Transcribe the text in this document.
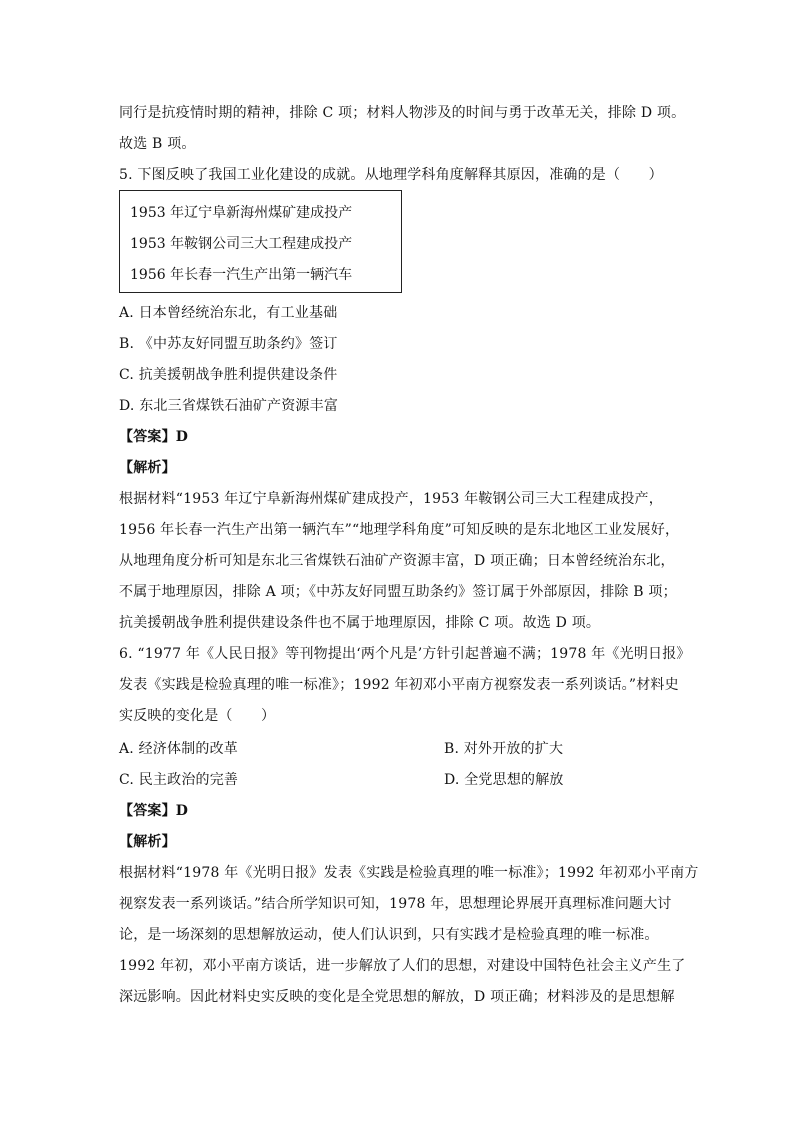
同行是抗疫情时期的精神，排除 C 项；材料人物涉及的时间与勇于改革无关，排除 D 项。
故选 B 项。
5. 下图反映了我国工业化建设的成就。从地理学科角度解释其原因，准确的是（　　）
1953 年辽宁阜新海州煤矿建成投产
1953 年鞍钢公司三大工程建成投产
1956 年长春一汽生产出第一辆汽车
A. 日本曾经统治东北，有工业基础
B. 《中苏友好同盟互助条约》签订
C. 抗美援朝战争胜利提供建设条件
D. 东北三省煤铁石油矿产资源丰富
【答案】D
【解析】
根据材料“1953 年辽宁阜新海州煤矿建成投产，1953 年鞍钢公司三大工程建成投产，
1956 年长春一汽生产出第一辆汽车”“地理学科角度”可知反映的是东北地区工业发展好，
从地理角度分析可知是东北三省煤铁石油矿产资源丰富，D 项正确；日本曾经统治东北，
不属于地理原因，排除 A 项；《中苏友好同盟互助条约》签订属于外部原因，排除 B 项；
抗美援朝战争胜利提供建设条件也不属于地理原因，排除 C 项。故选 D 项。
6. “1977 年《人民日报》等刊物提出‘两个凡是’方针引起普遍不满；1978 年《光明日报》
发表《实践是检验真理的唯一标准》；1992 年初邓小平南方视察发表一系列谈话。”材料史
实反映的变化是（　　）
A. 经济体制的改革	B. 对外开放的扩大
C. 民主政治的完善	D. 全党思想的解放
【答案】D
【解析】
根据材料“1978 年《光明日报》发表《实践是检验真理的唯一标准》；1992 年初邓小平南方
视察发表一系列谈话。”结合所学知识可知，1978 年，思想理论界展开真理标准问题大讨
论，是一场深刻的思想解放运动，使人们认识到，只有实践才是检验真理的唯一标准。
1992 年初，邓小平南方谈话，进一步解放了人们的思想，对建设中国特色社会主义产生了
深远影响。因此材料史实反映的变化是全党思想的解放，D 项正确；材料涉及的是思想解
